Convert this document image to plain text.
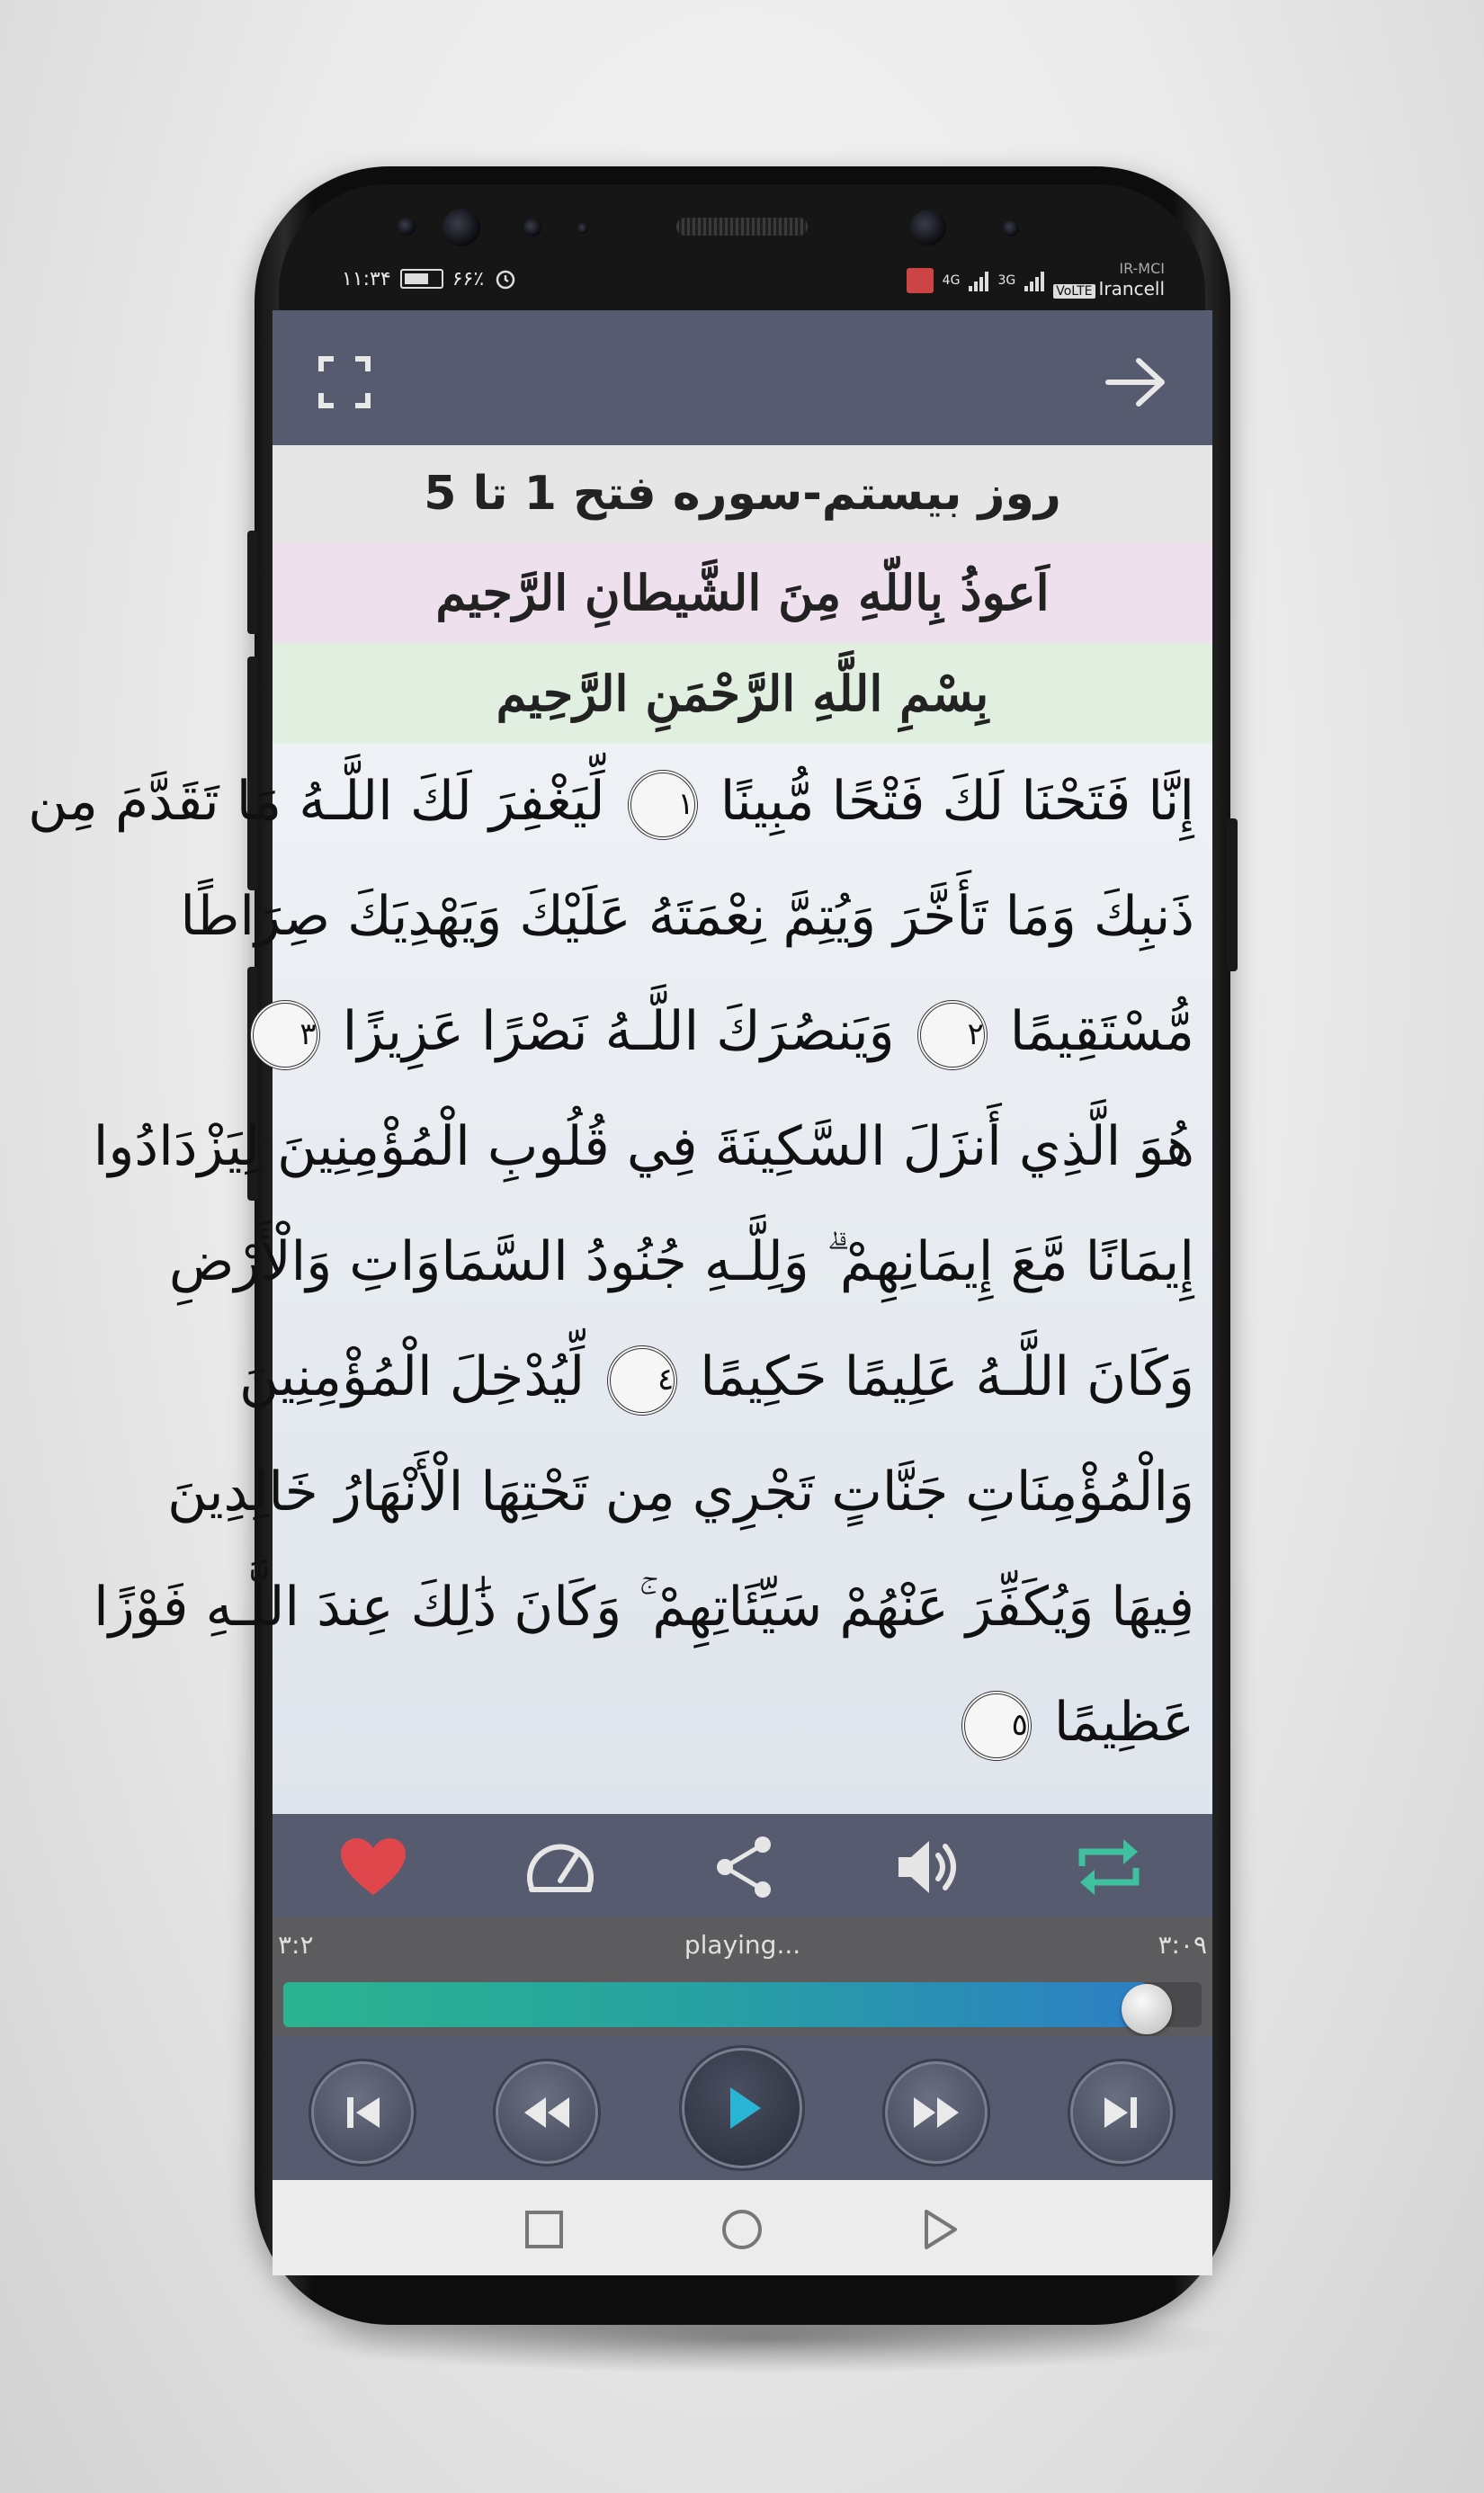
۱۱:۳۴	۶۶٪	4G	3G
IR-MCI
VoLTE Irancell
روز بیستم-سوره فتح 1 تا 5
اَعوذُ بِاللّهِ مِنَ الشَّیطانِ الرَّجیم
بِسْمِ اللَّهِ الرَّحْمَنِ الرَّحِیم
إِنَّا فَتَحْنَا لَكَ فَتْحًا مُّبِينًا ١ لِّيَغْفِرَ لَكَ اللَّـهُ مَا تَقَدَّمَ مِن
ذَنبِكَ وَمَا تَأَخَّرَ وَيُتِمَّ نِعْمَتَهُ عَلَيْكَ وَيَهْدِيَكَ صِرَاطًا
مُّسْتَقِيمًا ٢ وَيَنصُرَكَ اللَّـهُ نَصْرًا عَزِيزًا ٣
هُوَ الَّذِي أَنزَلَ السَّكِينَةَ فِي قُلُوبِ الْمُؤْمِنِينَ لِيَزْدَادُوا
إِيمَانًا مَّعَ إِيمَانِهِمْ ۗ وَلِلَّـهِ جُنُودُ السَّمَاوَاتِ وَالْأَرْضِ
وَكَانَ اللَّـهُ عَلِيمًا حَكِيمًا ٤ لِّيُدْخِلَ الْمُؤْمِنِينَ
وَالْمُؤْمِنَاتِ جَنَّاتٍ تَجْرِي مِن تَحْتِهَا الْأَنْهَارُ خَالِدِينَ
فِيهَا وَيُكَفِّرَ عَنْهُمْ سَيِّئَاتِهِمْ ۚ وَكَانَ ذَٰلِكَ عِندَ اللَّـهِ فَوْزًا
عَظِيمًا ٥
۳:۲	playing...	۳:۰۹
